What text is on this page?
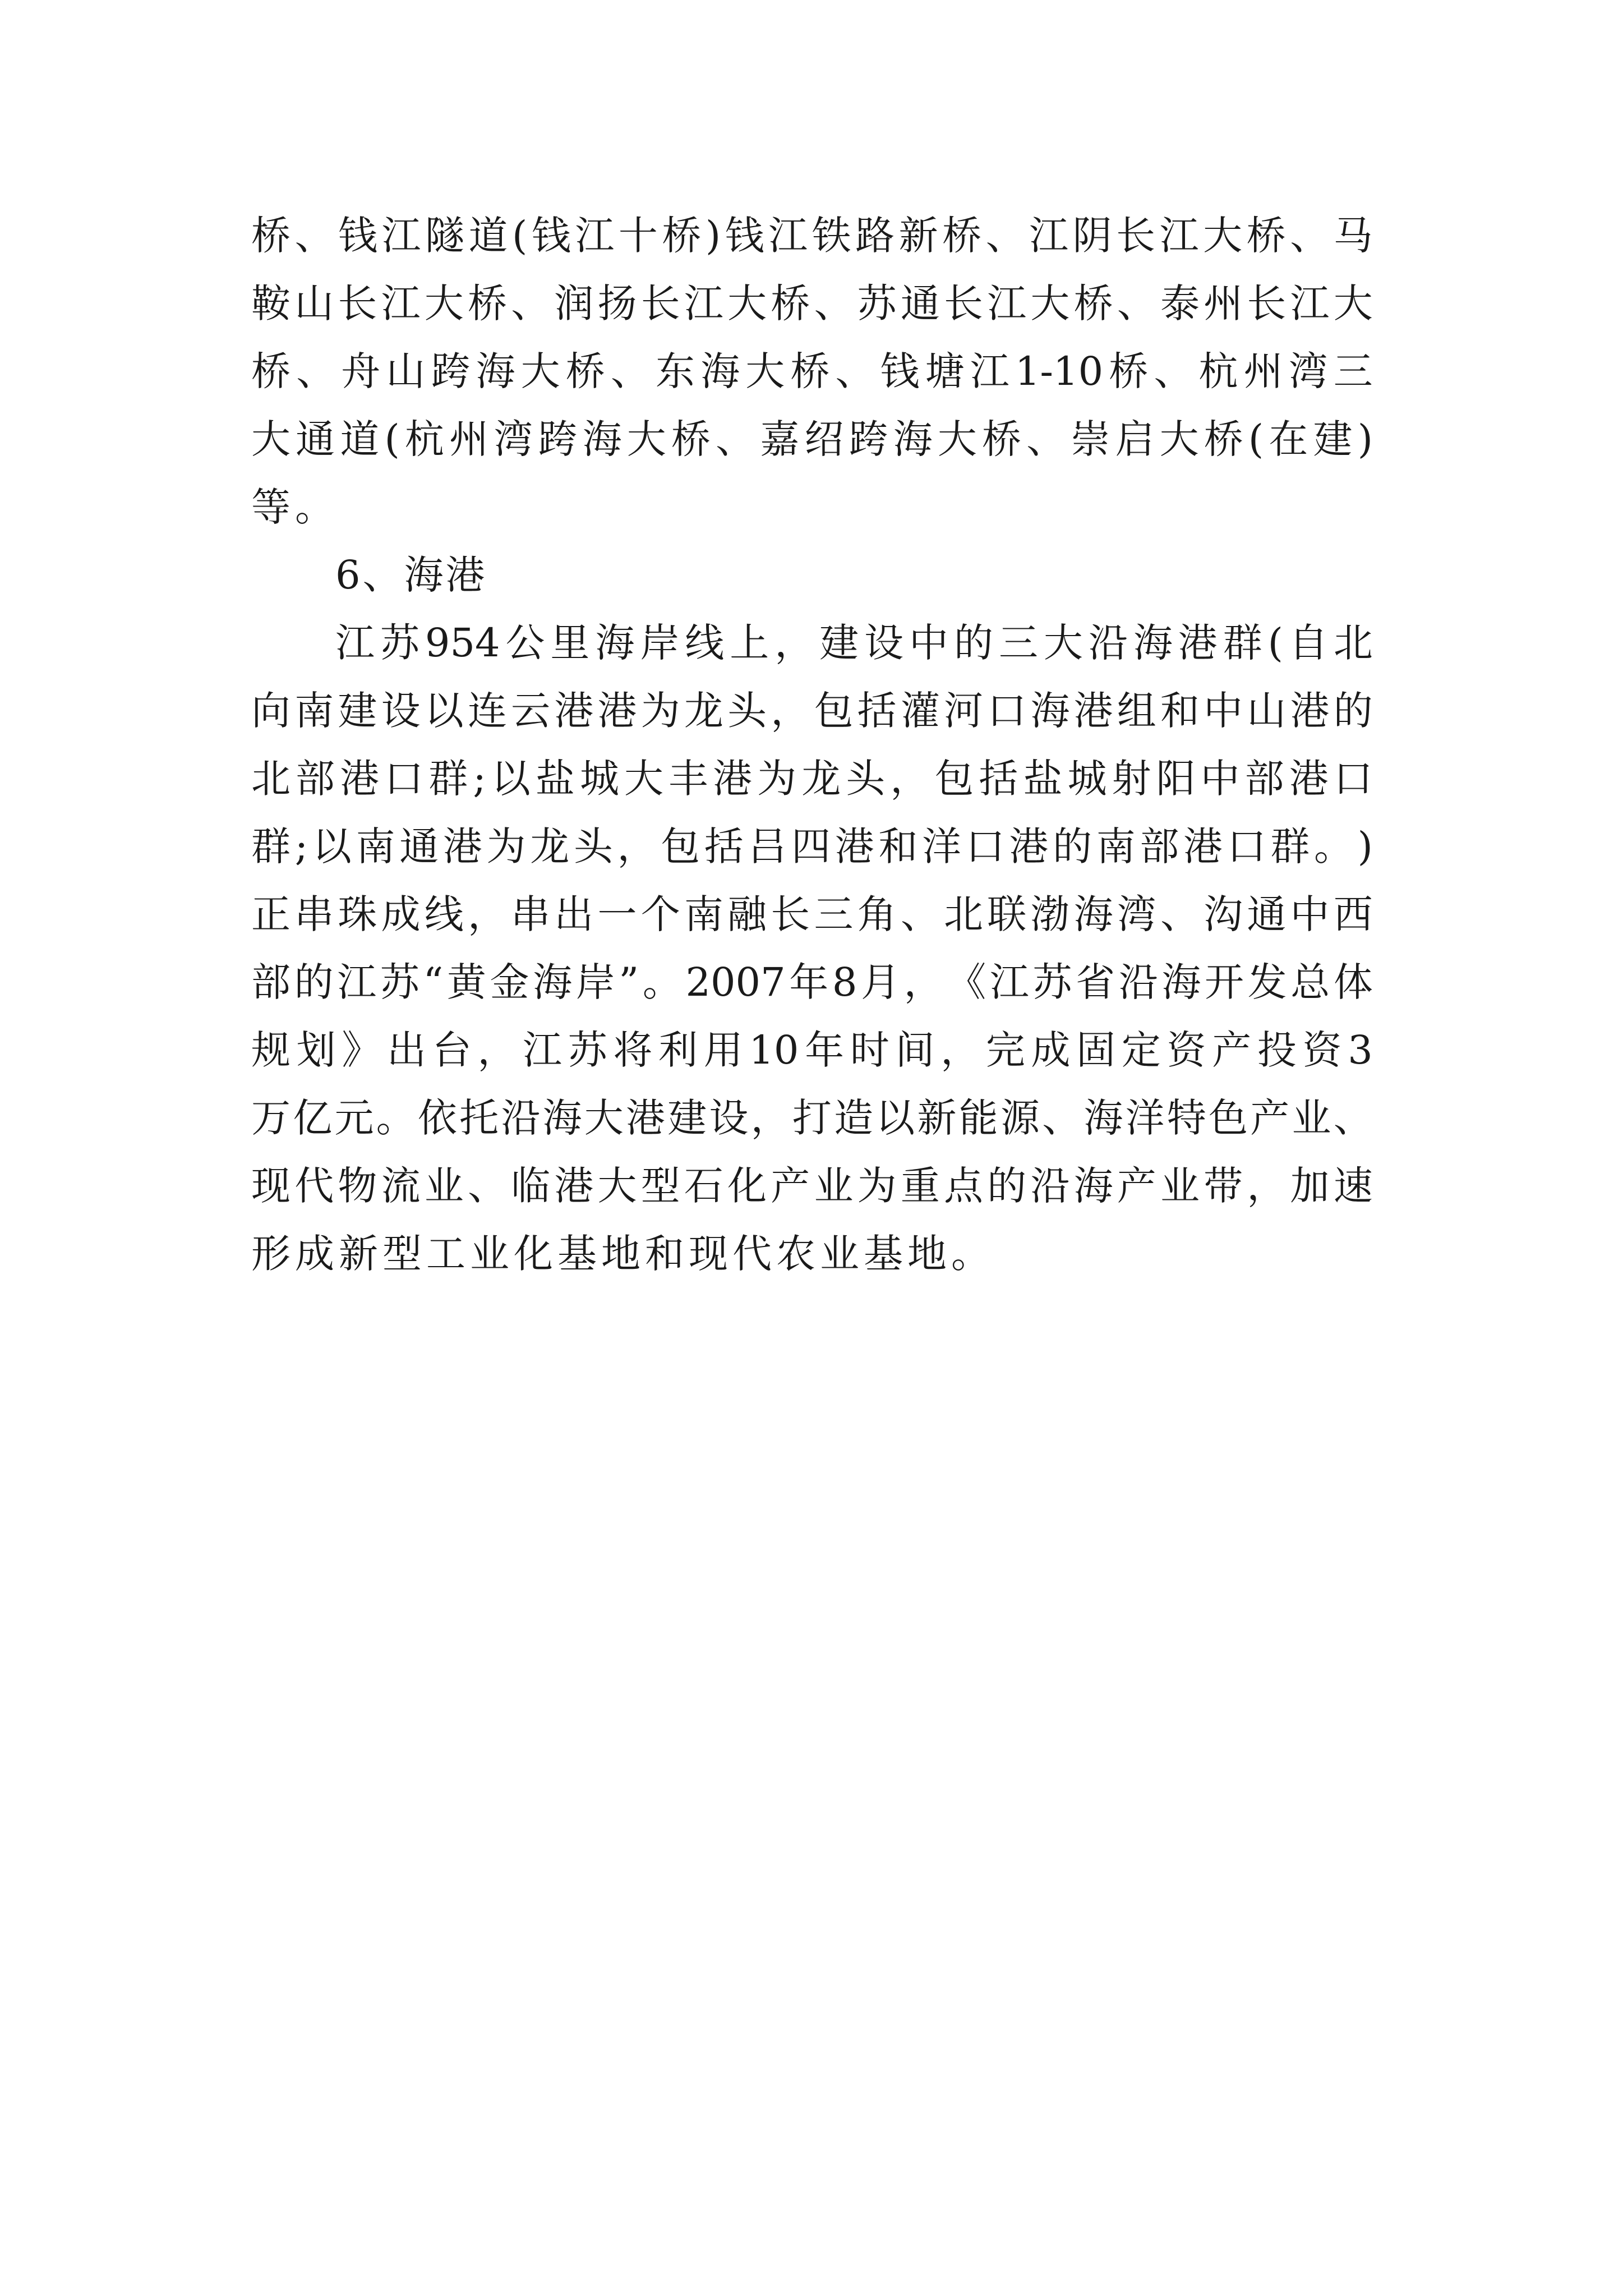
桥 、 钱 江 隧 道 ( 钱 江 十 桥 ) 钱 江 铁 路 新 桥 、 江 阴 长 江 大 桥 、 马
鞍 山 长 江 大 桥 、 润 扬 长 江 大 桥 、 苏 通 长 江 大 桥 、 泰 州 长 江 大
桥 、 舟 山 跨 海 大 桥 、 东 海 大 桥 、 钱 塘 江 1-10 桥 、 杭 州 湾 三
大 通 道 ( 杭 州 湾 跨 海 大 桥 、 嘉 绍 跨 海 大 桥 、 崇 启 大 桥 ( 在 建 )
等。
6、海港
江 苏 954 公 里 海 岸 线 上 ， 建 设 中 的 三 大 沿 海 港 群 ( 自 北
向 南 建 设 以 连 云 港 港 为 龙 头 ， 包 括 灌 河 口 海 港 组 和 中 山 港 的
北 部 港 口 群 ; 以 盐 城 大 丰 港 为 龙 头 ， 包 括 盐 城 射 阳 中 部 港 口
群 ; 以 南 通 港 为 龙 头 ， 包 括 吕 四 港 和 洋 口 港 的 南 部 港 口 群 。 )
正 串 珠 成 线 ， 串 出 一 个 南 融 长 三 角 、 北 联 渤 海 湾 、 沟 通 中 西
部 的 江 苏 “ 黄 金 海 岸 ” 。 2007 年 8 月 ， 《 江 苏 省 沿 海 开 发 总 体
规 划 》 出 台 ， 江 苏 将 利 用 10 年 时 间 ， 完 成 固 定 资 产 投 资 3
万 亿 元 。 依 托 沿 海 大 港 建 设 ， 打 造 以 新 能 源 、 海 洋 特 色 产 业 、
现 代 物 流 业 、 临 港 大 型 石 化 产 业 为 重 点 的 沿 海 产 业 带 ， 加 速
形成新型工业化基地和现代农业基地。
